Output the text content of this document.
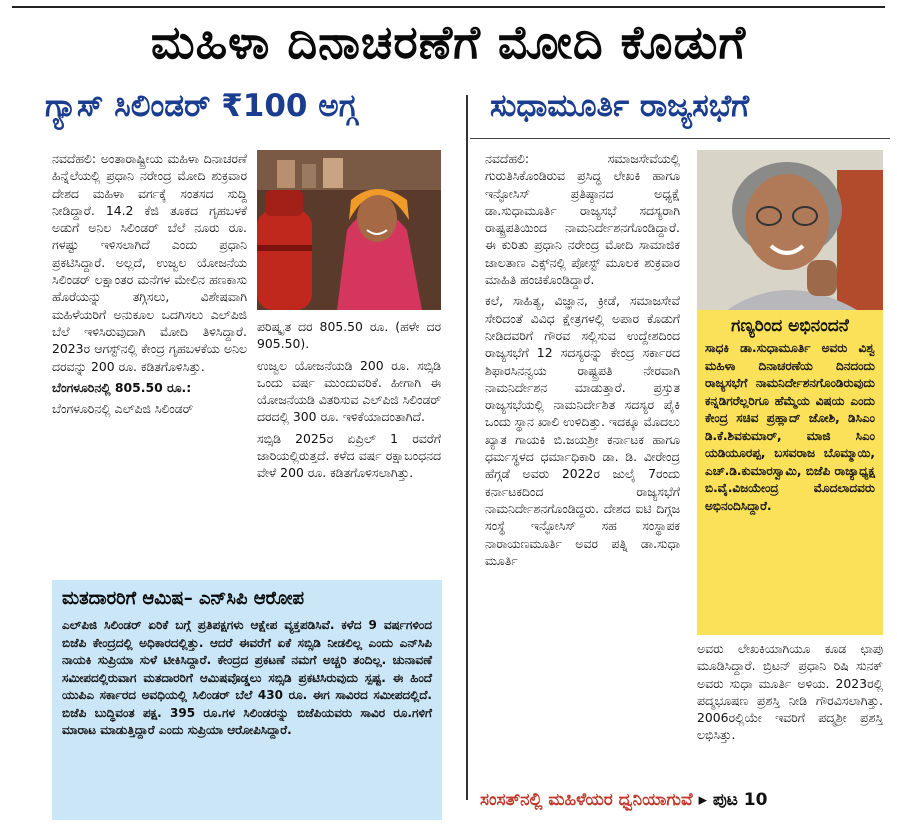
ಮಹಿಳಾ ದಿನಾಚರಣೆಗೆ ಮೋದಿ ಕೊಡುಗೆ
ಗ್ಯಾಸ್ ಸಿಲಿಂಡರ್ ₹100 ಅಗ್ಗ	ಸುಧಾಮೂರ್ತಿ ರಾಜ್ಯಸಭೆಗೆ

ನವದೆಹಲಿ: ಅಂತಾರಾಷ್ಟ್ರೀಯ ಮಹಿಳಾ ದಿನಾಚರಣೆ ಹಿನ್ನೆಲೆಯಲ್ಲಿ ಪ್ರಧಾನಿ ನರೇಂದ್ರ ಮೋದಿ ಶುಕ್ರವಾರ ದೇಶದ ಮಹಿಳಾ ವರ್ಗಕ್ಕೆ ಸಂತಸದ ಸುದ್ದಿ ನೀಡಿದ್ದಾರೆ. 14.2 ಕೆಜಿ ತೂಕದ ಗೃಹಬಳಕೆ ಅಡುಗೆ ಅನಿಲ ಸಿಲಿಂಡರ್ ಬೆಲೆ ನೂರು ರೂ. ಗಳಷ್ಟು ಇಳಿಸಲಾಗಿದೆ ಎಂದು ಪ್ರಧಾನಿ ಪ್ರಕಟಿಸಿದ್ದಾರೆ. ಅಲ್ಲದೆ, ಉಜ್ವಲ ಯೋಜನೆಯ ಸಿಲಿಂಡರ್ ಲಕ್ಷಾಂತರ ಮನೆಗಳ ಮೇಲಿನ ಹಣಕಾಸು ಹೊರೆಯನ್ನು ತಗ್ಗಿಸಲು, ವಿಶೇಷವಾಗಿ ಮಹಿಳೆಯರಿಗೆ ಅನುಕೂಲ ಒದಗಿಸಲು ಎಲ್‌ಪಿಜಿ ಬೆಲೆ ಇಳಿಸಿರುವುದಾಗಿ ಮೋದಿ ತಿಳಿಸಿದ್ದಾರೆ. 2023ರ ಆಗಸ್ಟ್‌ನಲ್ಲಿ ಕೇಂದ್ರ ಗೃಹಬಳಕೆಯ ಅನಿಲ ದರವನ್ನು 200 ರೂ. ಕಡಿತಗೊಳಿಸಿತ್ತು.

ಬೆಂಗಳೂರಿನಲ್ಲಿ 805.50 ರೂ.:

ಬೆಂಗಳೂರಿನಲ್ಲಿ ಎಲ್‌ಪಿಜಿ ಸಿಲಿಂಡರ್

ಪರಿಷ್ಕೃತ ದರ 805.50 ರೂ. (ಹಳೇ ದರ 905.50).

ಉಜ್ವಲ ಯೋಜನೆಯಡಿ 200 ರೂ. ಸಬ್ಸಿಡಿ ಒಂದು ವರ್ಷ ಮುಂದುವರಿಕೆ. ಹೀಗಾಗಿ ಈ ಯೋಜನೆಯಡಿ ವಿತರಿಸುವ ಎಲ್‌ಪಿಜಿ ಸಿಲಿಂಡರ್ ದರದಲ್ಲಿ 300 ರೂ. ಇಳಿಕೆಯಾದಂತಾಗಿದೆ.

ಸಬ್ಸಿಡಿ 2025ರ ಏಪ್ರಿಲ್ 1 ರವರೆಗೆ ಜಾರಿಯಲ್ಲಿರುತ್ತದೆ. ಕಳೆದ ವರ್ಷ ರಕ್ಷಾಬಂಧನದ ವೇಳೆ 200 ರೂ. ಕಡಿತಗೊಳಿಸಲಾಗಿತ್ತು.

ಮತದಾರರಿಗೆ ಆಮಿಷ– ಎನ್‌ಸಿಪಿ ಆರೋಪ
ಎಲ್‌ಪಿಜಿ ಸಿಲಿಂಡರ್ ಏರಿಕೆ ಬಗ್ಗೆ ಪ್ರತಿಪಕ್ಷಗಳು ಆಕ್ಷೇಪ ವ್ಯಕ್ತಪಡಿಸಿವೆ. ಕಳೆದ 9 ವರ್ಷಗಳಿಂದ ಬಿಜೆಪಿ ಕೇಂದ್ರದಲ್ಲಿ ಅಧಿಕಾರದಲ್ಲಿತ್ತು. ಆದರೆ ಈವರೆಗೆ ಏಕೆ ಸಬ್ಸಿಡಿ ನೀಡಲಿಲ್ಲ ಎಂದು ಎನ್‌ಸಿಪಿ ನಾಯಕಿ ಸುಪ್ರಿಯಾ ಸುಳೆ ಟೀಕಿಸಿದ್ದಾರೆ. ಕೇಂದ್ರದ ಪ್ರಕಟಣೆ ನಮಗೆ ಅಚ್ಚರಿ ತಂದಿಲ್ಲ. ಚುನಾವಣೆ ಸಮೀಪದಲ್ಲಿರುವಾಗ ಮತದಾರರಿಗೆ ಆಮಿಷವೊಡ್ಡಲು ಸಬ್ಸಿಡಿ ಪ್ರಕಟಿಸಿರುವುದು ಸ್ಪಷ್ಟ. ಈ ಹಿಂದೆ ಯುಪಿಎ ಸರ್ಕಾರದ ಅವಧಿಯಲ್ಲಿ ಸಿಲಿಂಡರ್ ಬೆಲೆ 430 ರೂ. ಈಗ ಸಾವಿರದ ಸಮೀಪದಲ್ಲಿದೆ. ಬಿಜೆಪಿ ಬುದ್ಧಿವಂತ ಪಕ್ಷ. 395 ರೂ.ಗಳ ಸಿಲಿಂಡರನ್ನು ಬಿಜೆಪಿಯವರು ಸಾವಿರ ರೂ.ಗಳಿಗೆ ಮಾರಾಟ ಮಾಡುತ್ತಿದ್ದಾರೆ ಎಂದು ಸುಪ್ರಿಯಾ ಆರೋಪಿಸಿದ್ದಾರೆ.

ನವದೆಹಲಿ: ಸಮಾಜಸೇವೆಯಲ್ಲಿ ಗುರುತಿಸಿಕೊಂಡಿರುವ ಪ್ರಸಿದ್ಧ ಲೇಖಕಿ ಹಾಗೂ ಇನ್ಫೋಸಿಸ್ ಪ್ರತಿಷ್ಠಾನದ ಅಧ್ಯಕ್ಷೆ ಡಾ.ಸುಧಾಮೂರ್ತಿ ರಾಜ್ಯಸಭೆ ಸದಸ್ಯರಾಗಿ ರಾಷ್ಟ್ರಪತಿಯಿಂದ ನಾಮನಿರ್ದೇಶನಗೊಂಡಿದ್ದಾರೆ. ಈ ಕುರಿತು ಪ್ರಧಾನಿ ನರೇಂದ್ರ ಮೋದಿ ಸಾಮಾಜಿಕ ಜಾಲತಾಣ ಎಕ್ಸ್‌ನಲ್ಲಿ ಪೋಸ್ಟ್ ಮೂಲಕ ಶುಕ್ರವಾರ ಮಾಹಿತಿ ಹಂಚಿಕೊಂಡಿದ್ದಾರೆ.

ಕಲೆ, ಸಾಹಿತ್ಯ, ವಿಜ್ಞಾನ, ಕ್ರೀಡೆ, ಸಮಾಜಸೇವೆ ಸೇರಿದಂತೆ ವಿವಿಧ ಕ್ಷೇತ್ರಗಳಲ್ಲಿ ಅಪಾರ ಕೊಡುಗೆ ನೀಡಿದವರಿಗೆ ಗೌರವ ಸಲ್ಲಿಸುವ ಉದ್ದೇಶದಿಂದ ರಾಜ್ಯಸಭೆಗೆ 12 ಸದಸ್ಯರನ್ನು ಕೇಂದ್ರ ಸರ್ಕಾರದ ಶಿಫಾರಸಿನನ್ವಯ ರಾಷ್ಟ್ರಪತಿ ನೇರವಾಗಿ ನಾಮನಿರ್ದೇಶನ ಮಾಡುತ್ತಾರೆ. ಪ್ರಸ್ತುತ ರಾಜ್ಯಸಭೆಯಲ್ಲಿ ನಾಮನಿರ್ದೇಶಿತ ಸದಸ್ಯರ ಪೈಕಿ ಒಂದು ಸ್ಥಾನ ಖಾಲಿ ಉಳಿದಿತ್ತು. ಇದಕ್ಕೂ ಮೊದಲು ಖ್ಯಾತ ಗಾಯಕಿ ಬಿ.ಜಯಶ್ರೀ ಕರ್ನಾಟಕ ಹಾಗೂ ಧರ್ಮಸ್ಥಳದ ಧರ್ಮಾಧಿಕಾರಿ ಡಾ. ಡಿ. ವೀರೇಂದ್ರ ಹೆಗ್ಗಡೆ ಅವರು 2022ರ ಜುಲೈ 7ರಂದು ಕರ್ನಾಟಕದಿಂದ ರಾಜ್ಯಸಭೆಗೆ ನಾಮನಿರ್ದೇಶನಗೊಂಡಿದ್ದರು. ದೇಶದ ಐಟಿ ದಿಗ್ಗಜ ಸಂಸ್ಥೆ ಇನ್ಫೋಸಿಸ್ ಸಹ ಸಂಸ್ಥಾಪಕ ನಾರಾಯಣಮೂರ್ತಿ ಅವರ ಪತ್ನಿ ಡಾ.ಸುಧಾ ಮೂರ್ತಿ

ಗಣ್ಯರಿಂದ ಅಭಿನಂದನೆ
ಸಾಧಕಿ ಡಾ.ಸುಧಾಮೂರ್ತಿ ಅವರು ವಿಶ್ವ ಮಹಿಳಾ ದಿನಾಚರಣೆಯ ದಿನದಂದು ರಾಜ್ಯಸಭೆಗೆ ನಾಮನಿರ್ದೇಶನಗೊಂಡಿರುವುದು ಕನ್ನಡಿಗರೆಲ್ಲರಿಗೂ ಹೆಮ್ಮೆಯ ವಿಷಯ ಎಂದು ಕೇಂದ್ರ ಸಚಿವ ಪ್ರಹ್ಲಾದ್ ಜೋಶಿ, ಡಿಸಿಎಂ ಡಿ.ಕೆ.ಶಿವಕುಮಾರ್, ಮಾಜಿ ಸಿಎಂ ಯಡಿಯೂರಪ್ಪ, ಬಸವರಾಜ ಬೊಮ್ಮಾಯಿ, ಎಚ್.ಡಿ.ಕುಮಾರಸ್ವಾಮಿ, ಬಿಜೆಪಿ ರಾಜ್ಯಾಧ್ಯಕ್ಷ ಬಿ.ವೈ.ವಿಜಯೇಂದ್ರ ಮೊದಲಾದವರು ಅಭಿನಂದಿಸಿದ್ದಾರೆ.

ಅವರು ಲೇಖಕಿಯಾಗಿಯೂ ಕೂಡ ಛಾಪು ಮೂಡಿಸಿದ್ದಾರೆ. ಬ್ರಿಟನ್ ಪ್ರಧಾನಿ ರಿಷಿ ಸುನಕ್ ಅವರು ಸುಧಾ ಮೂರ್ತಿ ಅಳಿಯ. 2023ರಲ್ಲಿ ಪದ್ಮಭೂಷಣ ಪ್ರಶಸ್ತಿ ನೀಡಿ ಗೌರವಿಸಲಾಗಿತ್ತು. 2006ರಲ್ಲಿಯೇ ಇವರಿಗೆ ಪದ್ಮಶ್ರೀ ಪ್ರಶಸ್ತಿ ಲಭಿಸಿತ್ತು.

ಸಂಸತ್‌ನಲ್ಲಿ ಮಹಿಳೆಯರ ಧ್ವನಿಯಾಗುವೆ ▸ ಪುಟ 10
